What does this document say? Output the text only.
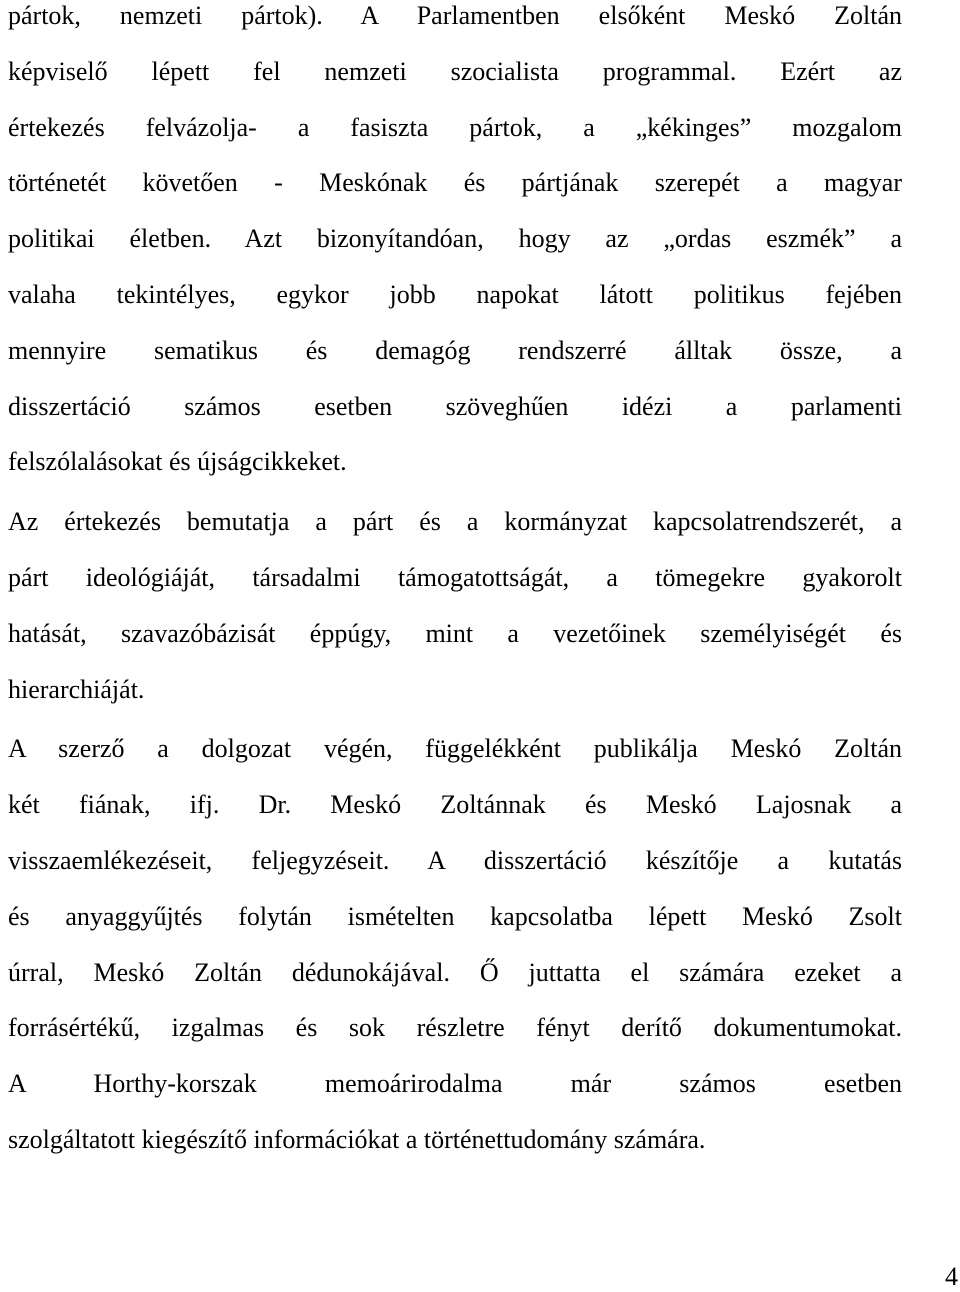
pártok, nemzeti pártok). A Parlamentben elsőként Meskó Zoltán
képviselő lépett fel nemzeti szocialista programmal. Ezért az
értekezés felvázolja- a fasiszta pártok, a „kékinges” mozgalom
történetét követően - Meskónak és pártjának szerepét a magyar
politikai életben. Azt bizonyítandóan, hogy az „ordas eszmék” a
valaha tekintélyes, egykor jobb napokat látott politikus fejében
mennyire sematikus és demagóg rendszerré álltak össze, a
disszertáció számos esetben szöveghűen idézi a parlamenti
felszólalásokat és újságcikkeket.
Az értekezés bemutatja a párt és a kormányzat kapcsolatrendszerét, a
párt ideológiáját, társadalmi támogatottságát, a tömegekre gyakorolt
hatását, szavazóbázisát éppúgy, mint a vezetőinek személyiségét és
hierarchiáját.
A szerző a dolgozat végén, függelékként publikálja Meskó Zoltán
két fiának, ifj. Dr. Meskó Zoltánnak és Meskó Lajosnak a
visszaemlékezéseit, feljegyzéseit. A disszertáció készítője a kutatás
és anyaggyűjtés folytán ismételten kapcsolatba lépett Meskó Zsolt
úrral, Meskó Zoltán dédunokájával. Ő juttatta el számára ezeket a
forrásértékű, izgalmas és sok részletre fényt derítő dokumentumokat.
A Horthy-korszak memoárirodalma már számos esetben
szolgáltatott kiegészítő információkat a történettudomány számára.
4
